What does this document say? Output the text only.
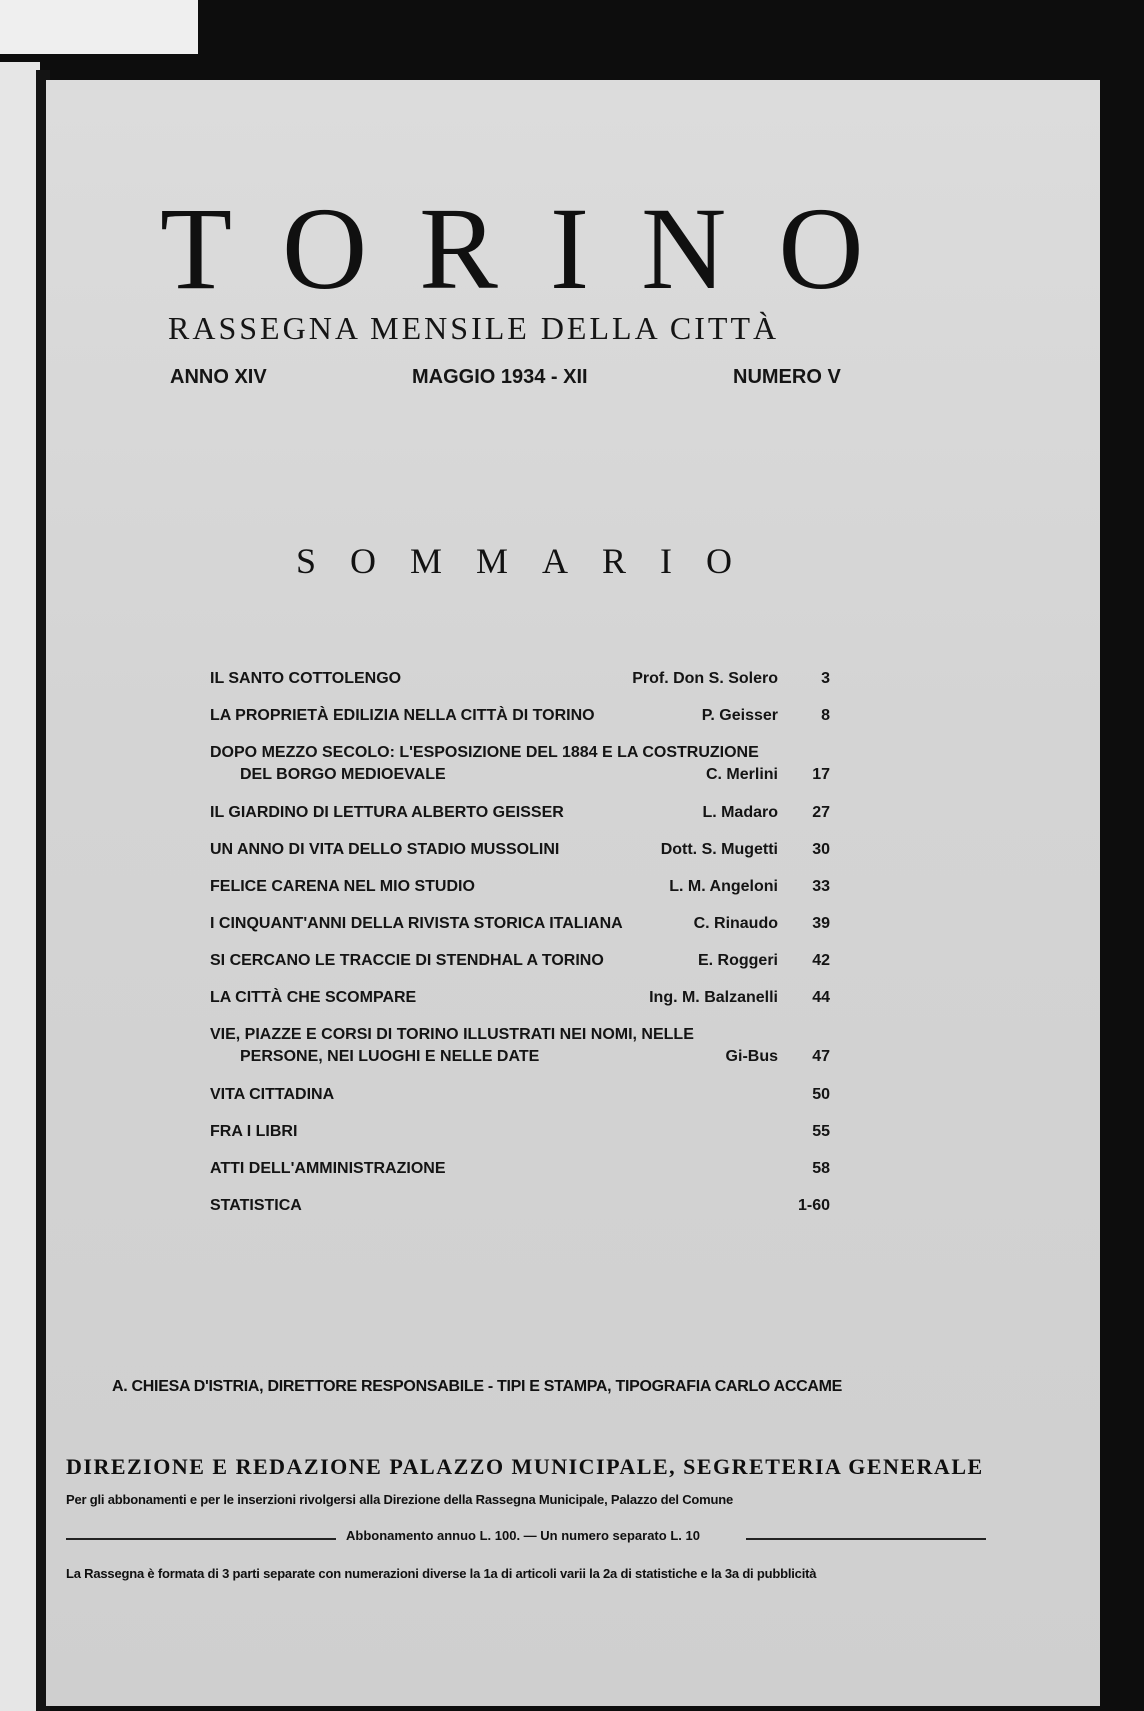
TORINO
RASSEGNA MENSILE DELLA CITTÀ
ANNO XIV	MAGGIO 1934 - XII	NUMERO V
SOMMARIO
IL SANTO COTTOLENGO	Prof. Don S. Solero	3
LA PROPRIETÀ EDILIZIA NELLA CITTÀ DI TORINO	P. Geisser	8
DOPO MEZZO SECOLO: L'ESPOSIZIONE DEL 1884 E LA COSTRUZIONE
DEL BORGO MEDIOEVALE	C. Merlini	17
IL GIARDINO DI LETTURA ALBERTO GEISSER	L. Madaro	27
UN ANNO DI VITA DELLO STADIO MUSSOLINI	Dott. S. Mugetti	30
FELICE CARENA NEL MIO STUDIO	L. M. Angeloni	33
I CINQUANT'ANNI DELLA RIVISTA STORICA ITALIANA	C. Rinaudo	39
SI CERCANO LE TRACCIE DI STENDHAL A TORINO	E. Roggeri	42
LA CITTÀ CHE SCOMPARE	Ing. M. Balzanelli	44
VIE, PIAZZE E CORSI DI TORINO ILLUSTRATI NEI NOMI, NELLE
PERSONE, NEI LUOGHI E NELLE DATE	Gi-Bus	47
VITA CITTADINA	50
FRA I LIBRI	55
ATTI DELL'AMMINISTRAZIONE	58
STATISTICA	1-60
A. CHIESA D'ISTRIA, DIRETTORE RESPONSABILE - TIPI E STAMPA, TIPOGRAFIA CARLO ACCAME
DIREZIONE E REDAZIONE PALAZZO MUNICIPALE, SEGRETERIA GENERALE
Per gli abbonamenti e per le inserzioni rivolgersi alla Direzione della Rassegna Municipale, Palazzo del Comune
Abbonamento annuo L. 100. — Un numero separato L. 10
La Rassegna è formata di 3 parti separate con numerazioni diverse la 1a di articoli varii la 2a di statistiche e la 3a di pubblicità
